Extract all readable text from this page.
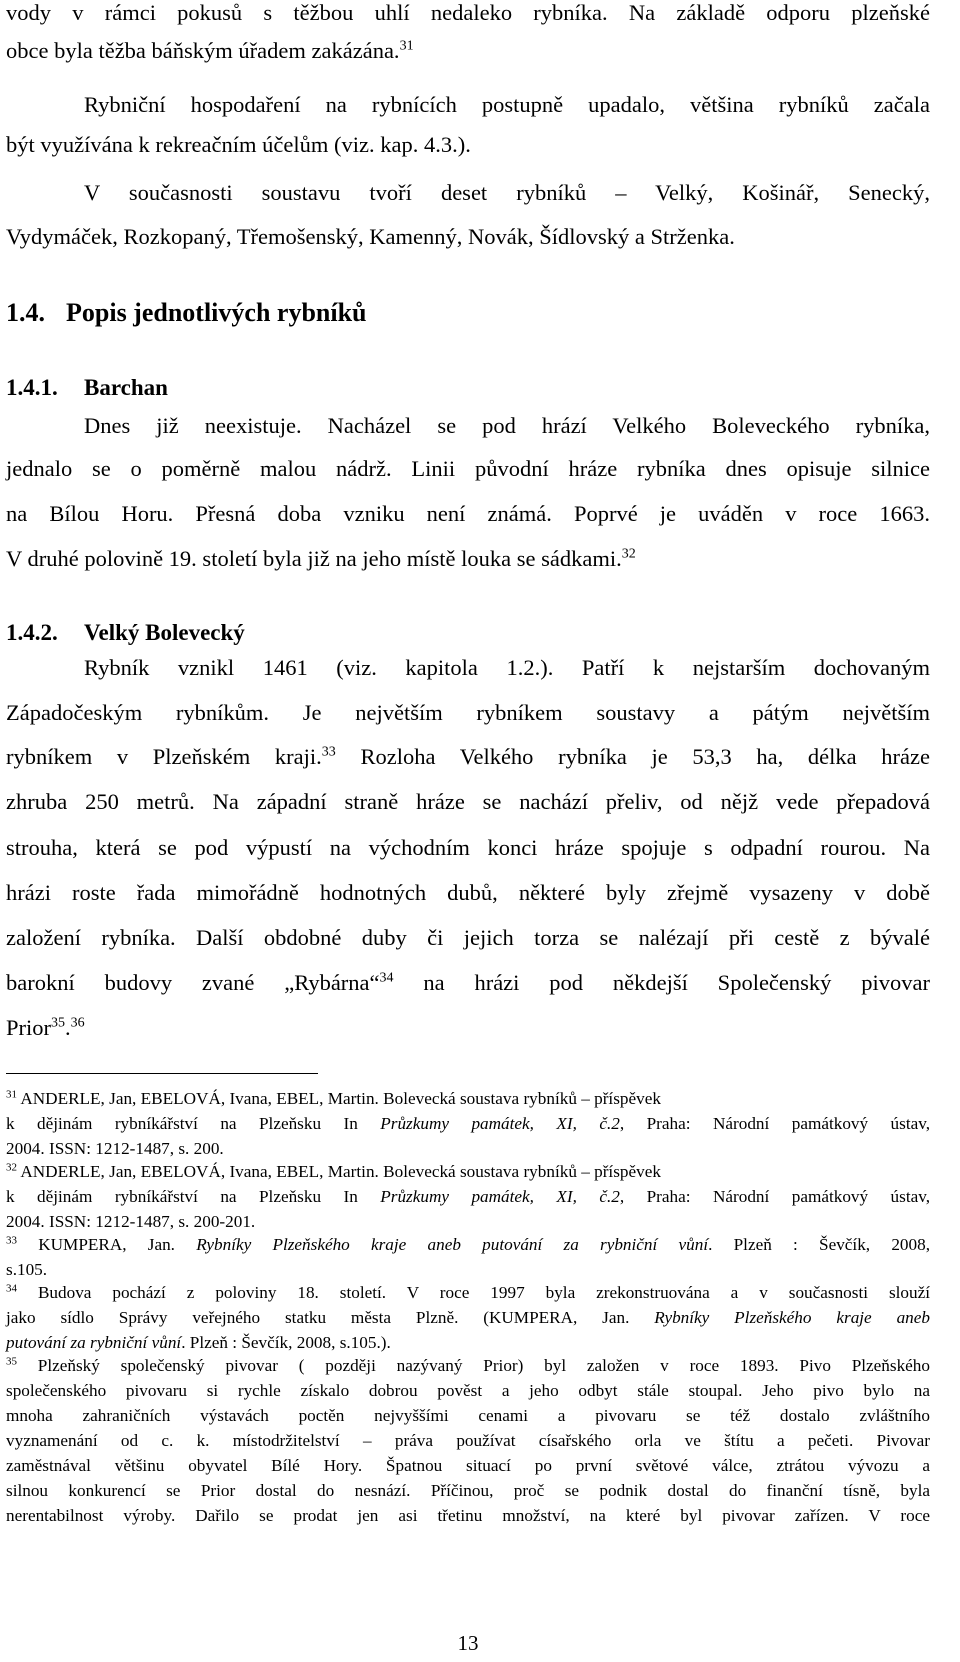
vody v rámci pokusů s těžbou uhlí nedaleko rybníka. Na základě odporu plzeňské
obce byla těžba báňským úřadem zakázána.$^{31}$
Rybniční hospodaření na rybnících postupně upadalo, většina rybníků začala
být využívána k rekreačním účelům (viz. kap. 4.3.).
V současnosti soustavu tvoří deset rybníků – Velký, Košinář, Senecký,
Vydymáček, Rozkopaný, Třemošenský, Kamenný, Novák, Šídlovský a Strženka.
1.4. Popis jednotlivých rybníků
1.4.1. Barchan
Dnes již neexistuje. Nacházel se pod hrází Velkého Boleveckého rybníka,
jednalo se o poměrně malou nádrž. Linii původní hráze rybníka dnes opisuje silnice
na Bílou Horu. Přesná doba vzniku není známá. Poprvé je uváděn v roce 1663.
V druhé polovině 19. století byla již na jeho místě louka se sádkami.$^{32}$
1.4.2. Velký Bolevecký
Rybník vznikl 1461 (viz. kapitola 1.2.). Patří k nejstarším dochovaným
Západočeským rybníkům. Je největším rybníkem soustavy a pátým největším
rybníkem v Plzeňském kraji.$^{33}$ Rozloha Velkého rybníka je 53,3 ha, délka hráze
zhruba 250 metrů. Na západní straně hráze se nachází přeliv, od nějž vede přepadová
strouha, která se pod výpustí na východním konci hráze spojuje s odpadní rourou. Na
hrázi roste řada mimořádně hodnotných dubů, některé byly zřejmě vysazeny v době
založení rybníka. Další obdobné duby či jejich torza se nalézají při cestě z bývalé
barokní budovy zvané „Rybárna“$^{34}$ na hrázi pod někdejší Společenský pivovar
Prior$^{35}$.$^{36}$
$^{31}$ ANDERLE, Jan, EBELOVÁ, Ivana, EBEL, Martin. Bolevecká soustava rybníků – příspěvek
k dějinám rybníkářství na Plzeňsku In Průzkumy památek, XI, č.2, Praha: Národní památkový ústav,
2004. ISSN: 1212-1487, s. 200.
$^{32}$ ANDERLE, Jan, EBELOVÁ, Ivana, EBEL, Martin. Bolevecká soustava rybníků – příspěvek
k dějinám rybníkářství na Plzeňsku In Průzkumy památek, XI, č.2, Praha: Národní památkový ústav,
2004. ISSN: 1212-1487, s. 200-201.
$^{33}$ KUMPERA, Jan. Rybníky Plzeňského kraje aneb putování za rybniční vůní. Plzeň : Ševčík, 2008,
s.105.
$^{34}$ Budova pochází z poloviny 18. století. V roce 1997 byla zrekonstruována a v současnosti slouží
jako sídlo Správy veřejného statku města Plzně. (KUMPERA, Jan. Rybníky Plzeňského kraje aneb
putování za rybniční vůní. Plzeň : Ševčík, 2008, s.105.).
$^{35}$ Plzeňský společenský pivovar ( později nazývaný Prior) byl založen v roce 1893. Pivo Plzeňského
společenského pivovaru si rychle získalo dobrou pověst a jeho odbyt stále stoupal. Jeho pivo bylo na
mnoha zahraničních výstavách poctěn nejvyššími cenami a pivovaru se též dostalo zvláštního
vyznamenání od c. k. místodržitelství – práva používat císařského orla ve štítu a pečeti. Pivovar
zaměstnával většinu obyvatel Bílé Hory. Špatnou situací po první světové válce, ztrátou vývozu a
silnou konkurencí se Prior dostal do nesnází. Příčinou, proč se podnik dostal do finanční tísně, byla
nerentabilnost výroby. Dařilo se prodat jen asi třetinu množství, na které byl pivovar zařízen. V roce
13
